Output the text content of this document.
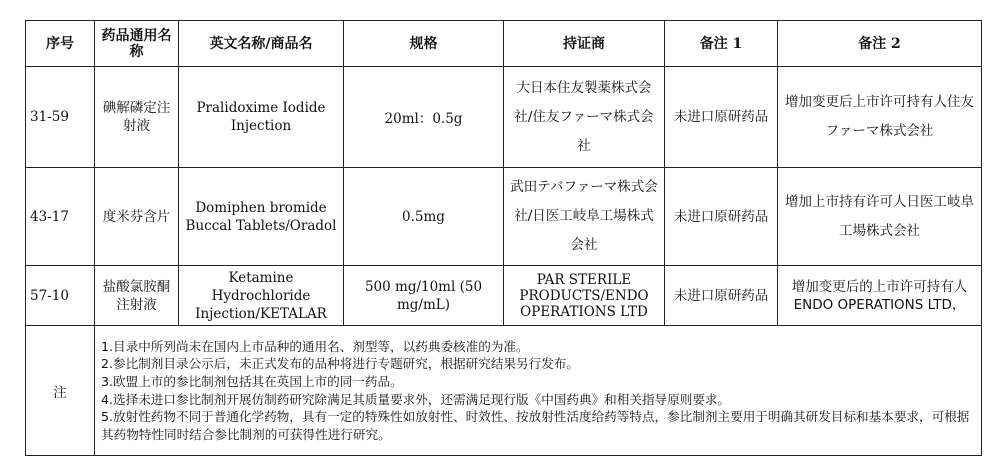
序号	药品通用名称	英文名称/商品名	规格	持证商	备注 1	备注 2
31-59	碘解磷定注射液	Pralidoxime Iodide Injection	20ml：0.5g	大日本住友製薬株式会社/住友ファーマ株式会社	未进口原研药品	增加变更后上市许可持有人住友ファーマ株式会社
43-17	度米芬含片	Domiphen bromide Buccal Tablets/Oradol	0.5mg	武田テバファーマ株式会社/日医工岐阜工場株式会社	未进口原研药品	增加上市持有许可人日医工岐阜工場株式会社
57-10	盐酸氯胺酮注射液	Ketamine Hydrochloride Injection/KETALAR	500 mg/10ml (50 mg/mL)	PAR STERILE PRODUCTS/ENDO OPERATIONS LTD	未进口原研药品	增加变更后的上市许可持有人 ENDO OPERATIONS LTD，
注	1.目录中所列尚未在国内上市品种的通用名、剂型等，以药典委核准的为准。
2.参比制剂目录公示后，未正式发布的品种将进行专题研究，根据研究结果另行发布。
3.欧盟上市的参比制剂包括其在英国上市的同一药品。
4.选择未进口参比制剂开展仿制药研究除满足其质量要求外，还需满足现行版《中国药典》和相关指导原则要求。
5.放射性药物不同于普通化学药物，具有一定的特殊性如放射性、时效性、按放射性活度给药等特点，参比制剂主要用于明确其研发目标和基本要求，可根据其药物特性同时结合参比制剂的可获得性进行研究。					
